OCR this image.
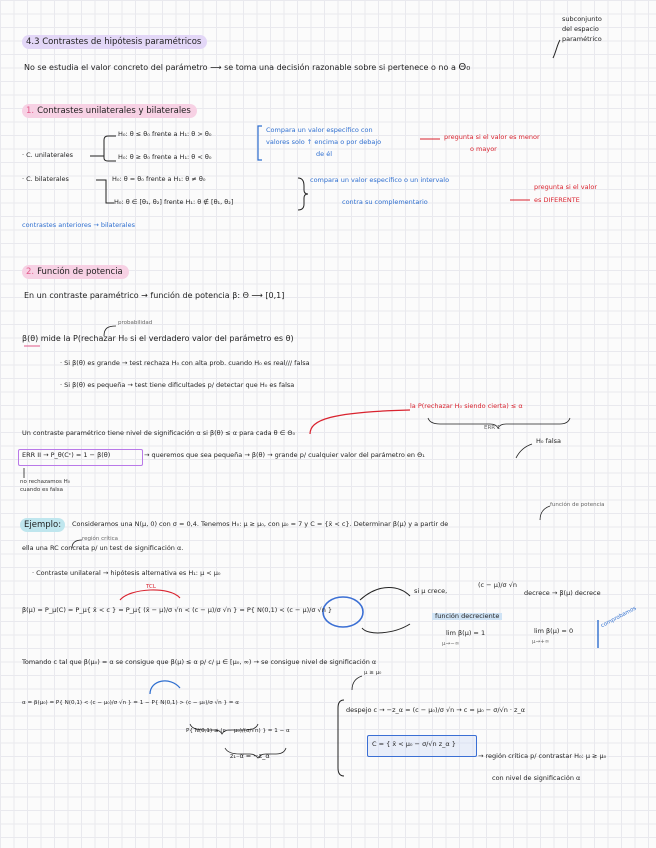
subconjunto
del espacio
paramétrico
4.3 Contrastes de hipótesis paramétricos
No se estudia el valor concreto del parámetro ⟶ se toma una decisión razonable sobre si pertenece o no a Θ₀
1. Contrastes unilaterales y bilaterales
· C. unilaterales
H₀: θ ≤ θ₀ frente a H₁: θ > θ₀
H₀: θ ≥ θ₀ frente a H₁: θ < θ₀
Compara un valor específico con
valores solo ↑ encima o por debajo
de él
pregunta si el valor es menor
o mayor
· C. bilaterales	H₀: θ = θ₀ frente a H₁: θ ≠ θ₀
H₀: θ ∈ [θ₁, θ₂] frente H₁: θ ∉ [θ₁, θ₂]
compara un valor específico o un intervalo
contra su complementario
pregunta si el valor
es DIFERENTE
contrastes anteriores → bilaterales
2. Función de potencia
En un contraste paramétrico → función de potencia β: Θ ⟶ [0,1]
probabilidad
β(θ) mide la P(rechazar H₀ si el verdadero valor del parámetro es θ)
· Si β(θ) es grande → test rechaza H₀ con alta prob. cuando H₀ es real/// falsa
· Si β(θ) es pequeña → test tiene dificultades p/ detectar que H₀ es falsa
la P(rechazar H₀ siendo cierta) ≤ α
ERR 1
Un contraste paramétrico tiene nivel de significación α si β(θ) ≤ α para cada θ ∈ Θ₀
ERR II → P_θ(Cᶜ) = 1 − β(θ)	→ queremos que sea pequeña → β(θ) → grande p/ cualquier valor del parámetro en Θ₁
H₀ falsa
no rechazamos H₀
cuando es falsa
función de potencia
Ejemplo:	Consideramos una N(μ, 0) con σ = 0,4. Tenemos H₀: μ ≥ μ₀, con μ₀ = 7 y C = {x̄ < c}. Determinar β(μ) y a partir de
región crítica
ella una RC concreta p/ un test de significación α.
· Contraste unilateral → hipótesis alternativa es H₁: μ < μ₀
TCL
β(μ) = P_μ(C) = P_μ{ x̄ < c } = P_μ{ (x̄ − μ)/σ √n < (c − μ)/σ √n } = P{ N(0,1) < (c − μ)/σ √n }
si μ crece,
(c − μ)/σ √n
decrece → β(μ) decrece
función decreciente
lim β(μ) = 1
μ→−∞
lim β(μ) = 0
μ→+∞
comprobamos
Tomando c tal que β(μ₀) = α se consigue que β(μ) ≤ α p/ c/ μ ∈ [μ₀, ∞) → se consigue nivel de significación α
μ ≥ μ₀
α = β(μ₀) = P{ N(0,1) < (c − μ₀)/σ √n } = 1 − P{ N(0,1) > (c − μ₀)/σ √n } = α
P{ N(0,1) ≤ (c − μ₀)/(σ/√n) } = 1 − α
z₁₋α = −z_α
despejo c → −z_α = (c − μ₀)/σ √n → c = μ₀ − σ/√n · z_α
C = { x̄ < μ₀ − σ/√n z_α }
→ región crítica p/ contrastar H₀: μ ≥ μ₀
con nivel de significación α
